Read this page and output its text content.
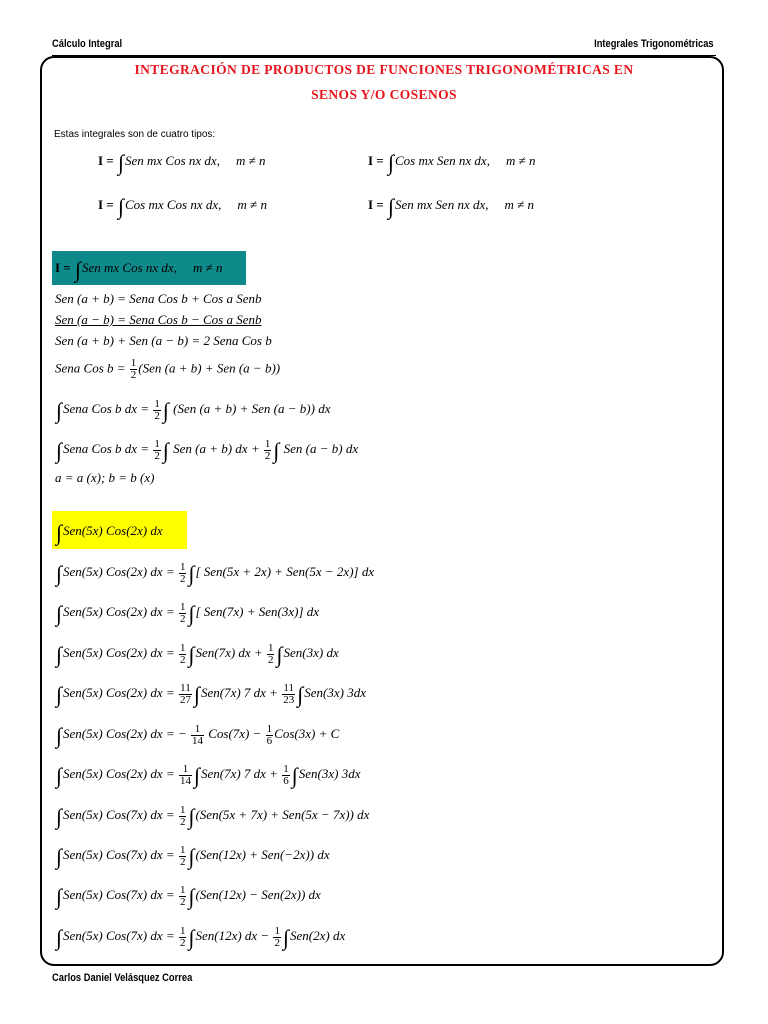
Cálculo Integral	Integrales Trigonométricas
INTEGRACIÓN DE PRODUCTOS DE FUNCIONES TRIGONOMÉTRICAS EN
SENOS Y/O COSENOS
Estas integrales son de cuatro tipos:
I = ∫Sen mx Cos nx dx, m ≠ n	I = ∫Cos mx Sen nx dx, m ≠ n
I = ∫Cos mx Cos nx dx, m ≠ n	I = ∫Sen mx Sen nx dx, m ≠ n
I = ∫Sen mx Cos nx dx, m ≠ n
Sen (a + b) = Sena Cos b + Cos a Senb
Sen (a − b) = Sena Cos b − Cos a Senb
Sen (a + b) + Sen (a − b) = 2 Sena Cos b
Sena Cos $b = \frac{1}{2} (Sen$ (a + b) + Sen (a − b))
∫Sena Cos b dx = $\frac{1}{2}$ ∫ (Sen (a + b) + Sen (a − b)) dx
∫Sena Cos b dx = $\frac{1}{2}$ ∫ Sen (a + b) dx + $\frac{1}{2}$ ∫ Sen (a − b) dx
a = a (x); b = b (x)
∫Sen(5x) Cos(2x) dx
∫Sen(5x) Cos(2x) dx = $\frac{1}{2}$ ∫[ Sen(5x + 2x) + Sen(5x − 2x)] dx
∫Sen(5x) Cos(2x) dx = $\frac{1}{2}$ ∫[ Sen(7x) + Sen(3x)] dx
∫Sen(5x) Cos(2x) dx = $\frac{1}{2} \int Sen(7x)$ dx + $\frac{1}{2} \int Sen(3x)$ dx
∫Sen(5x) Cos(2x) dx = $\frac{11}{27} \int Sen(7x)$ 7 dx + $\frac{11}{23} \int Sen(3x)$ 3dx
∫Sen(5x) Cos(2x) dx = − $\frac{1}{14} Cos(7x) - \frac{1}{6} Cos(3x) + C$
∫Sen(5x) Cos(2x) dx = $\frac{1}{14} \int Sen(7x)$ 7 dx + $\frac{1}{6} \int Sen(3x)$ 3dx
∫Sen(5x) Cos(7x) dx = $\frac{1}{2} \int(Sen(5x + 7x) + Sen(5x - 7x))$ dx
∫Sen(5x) Cos(7x) dx = $\frac{1}{2} \int(Sen(12x) + Sen(-2x))$ dx
∫Sen(5x) Cos(7x) dx = $\frac{1}{2} \int(Sen(12x) - Sen(2x))$ dx
∫Sen(5x) Cos(7x) dx = $\frac{1}{2} \int Sen(12x)$ dx − $\frac{1}{2} \int Sen(2x)$ dx
Carlos Daniel Velásquez Correa
